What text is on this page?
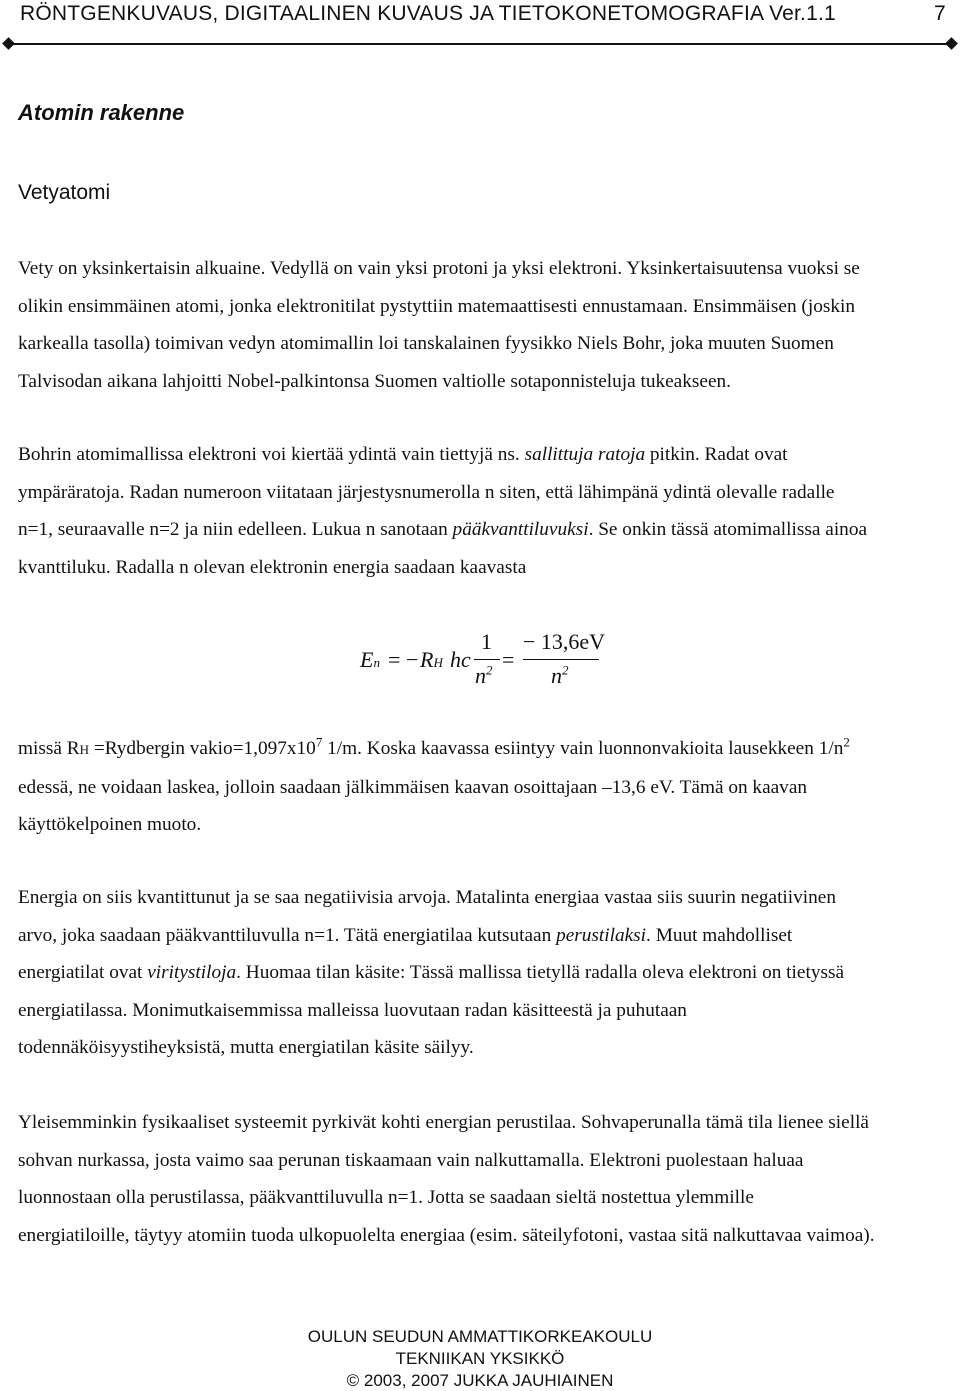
RÖNTGENKUVAUS, DIGITAALINEN KUVAUS JA TIETOKONETOMOGRAFIA Ver.1.1	7
Atomin rakenne
Vetyatomi
Vety on yksinkertaisin alkuaine. Vedyllä on vain yksi protoni ja yksi elektroni. Yksinkertaisuutensa vuoksi se
olikin ensimmäinen atomi, jonka elektronitilat pystyttiin matemaattisesti ennustamaan. Ensimmäisen (joskin
karkealla tasolla) toimivan vedyn atomimallin loi tanskalainen fyysikko Niels Bohr, joka muuten Suomen
Talvisodan aikana lahjoitti Nobel-palkintonsa Suomen valtiolle sotaponnisteluja tukeakseen.
Bohrin atomimallissa elektroni voi kiertää ydintä vain tiettyjä ns. sallittuja ratoja pitkin. Radat ovat
ympäräratoja. Radan numeroon viitataan järjestysnumerolla n siten, että lähimpänä ydintä olevalle radalle
n=1, seuraavalle n=2 ja niin edelleen. Lukua n sanotaan pääkvanttiluvuksi. Se onkin tässä atomimallissa ainoa
kvanttiluku. Radalla n olevan elektronin energia saadaan kaavasta
En = − RH hc
1
$n^2$ =
− 13,6eV
$n^2$
missä RH =Rydbergin $vakio=1,097x10^7$ 1/m. Koska kaavassa esiintyy vain luonnonvakioita lausekkeen $1/n^2$
edessä, ne voidaan laskea, jolloin saadaan jälkimmäisen kaavan osoittajaan –13,6 eV. Tämä on kaavan
käyttökelpoinen muoto.
Energia on siis kvantittunut ja se saa negatiivisia arvoja. Matalinta energiaa vastaa siis suurin negatiivinen
arvo, joka saadaan pääkvanttiluvulla n=1. Tätä energiatilaa kutsutaan perustilaksi. Muut mahdolliset
energiatilat ovat viritystiloja. Huomaa tilan käsite: Tässä mallissa tietyllä radalla oleva elektroni on tietyssä
energiatilassa. Monimutkaisemmissa malleissa luovutaan radan käsitteestä ja puhutaan
todennäköisyystiheyksistä, mutta energiatilan käsite säilyy.
Yleisemminkin fysikaaliset systeemit pyrkivät kohti energian perustilaa. Sohvaperunalla tämä tila lienee siellä
sohvan nurkassa, josta vaimo saa perunan tiskaamaan vain nalkuttamalla. Elektroni puolestaan haluaa
luonnostaan olla perustilassa, pääkvanttiluvulla n=1. Jotta se saadaan sieltä nostettua ylemmille
energiatiloille, täytyy atomiin tuoda ulkopuolelta energiaa (esim. säteilyfotoni, vastaa sitä nalkuttavaa vaimoa).
OULUN SEUDUN AMMATTIKORKEAKOULU
TEKNIIKAN YKSIKKÖ
© 2003, 2007 JUKKA JAUHIAINEN
